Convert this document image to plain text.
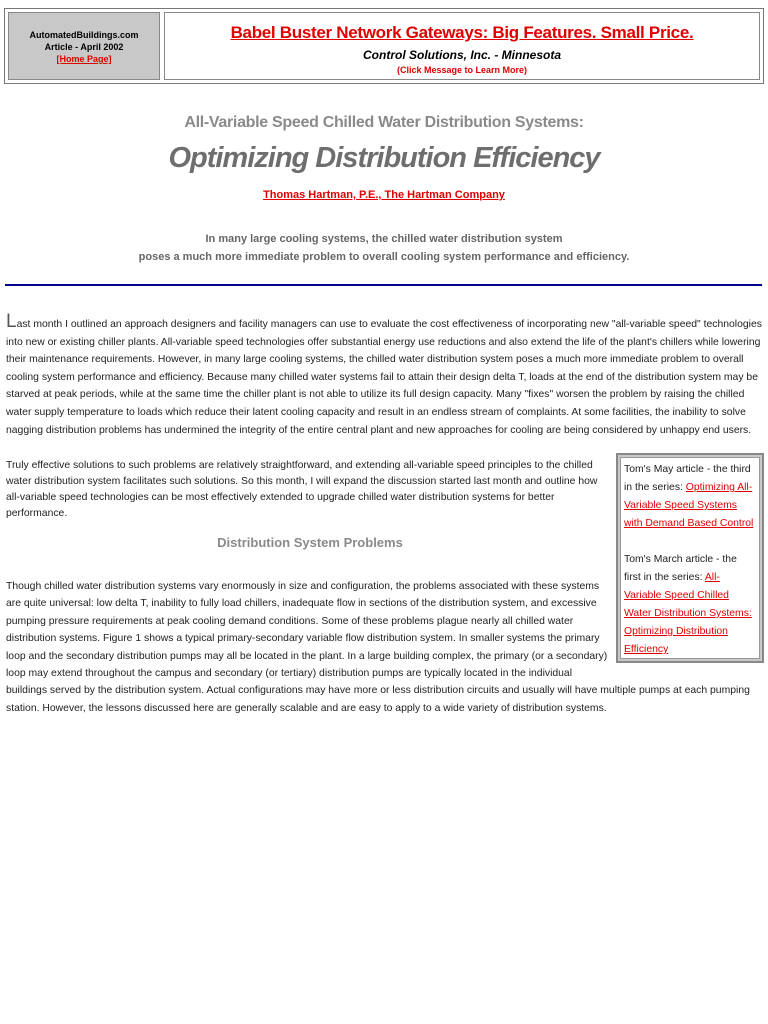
AutomatedBuildings.com
Article - April 2002
[Home Page]
Babel Buster Network Gateways: Big Features. Small Price.
Control Solutions, Inc. - Minnesota
(Click Message to Learn More)
All-Variable Speed Chilled Water Distribution Systems:
Optimizing Distribution Efficiency
Thomas Hartman, P.E., The Hartman Company
In many large cooling systems, the chilled water distribution system
poses a much more immediate problem to overall cooling system performance and efficiency.
Last month I outlined an approach designers and facility managers can use to evaluate the cost effectiveness of incorporating new "all-variable speed" technologies into new or existing chiller plants. All-variable speed technologies offer substantial energy use reductions and also extend the life of the plant's chillers while lowering their maintenance requirements. However, in many large cooling systems, the chilled water distribution system poses a much more immediate problem to overall cooling system performance and efficiency. Because many chilled water systems fail to attain their design delta T, loads at the end of the distribution system may be starved at peak periods, while at the same time the chiller plant is not able to utilize its full design capacity. Many "fixes" worsen the problem by raising the chilled water supply temperature to loads which reduce their latent cooling capacity and result in an endless stream of complaints. At some facilities, the inability to solve nagging distribution problems has undermined the integrity of the entire central plant and new approaches for cooling are being considered by unhappy end users.
Truly effective solutions to such problems are relatively straightforward, and extending all-variable speed principles to the chilled water distribution system facilitates such solutions. So this month, I will expand the discussion started last month and outline how all-variable speed technologies can be most effectively extended to upgrade chilled water distribution systems for better performance.
Distribution System Problems
Though chilled water distribution systems vary enormously in size and configuration, the problems associated with these systems are quite universal: low delta T, inability to fully load chillers, inadequate flow in sections of the distribution system, and excessive pumping pressure requirements at peak cooling demand conditions. Some of these problems plague nearly all chilled water distribution systems. Figure 1 shows a typical primary-secondary variable flow distribution system. In smaller systems the primary loop and the secondary distribution pumps may all be located in the plant. In a large building complex, the primary (or a secondary) loop may extend throughout the campus and secondary (or tertiary) distribution pumps are typically located in the individual buildings served by the distribution system. Actual configurations may have more or less distribution circuits and usually will have multiple pumps at each pumping station. However, the lessons discussed here are generally scalable and are easy to apply to a wide variety of distribution systems.

Tom's May article - the third in the series: Optimizing All-Variable Speed Systems with Demand Based Control

Tom's March article - the first in the series: All-Variable Speed Chilled Water Distribution Systems: Optimizing Distribution Efficiency
